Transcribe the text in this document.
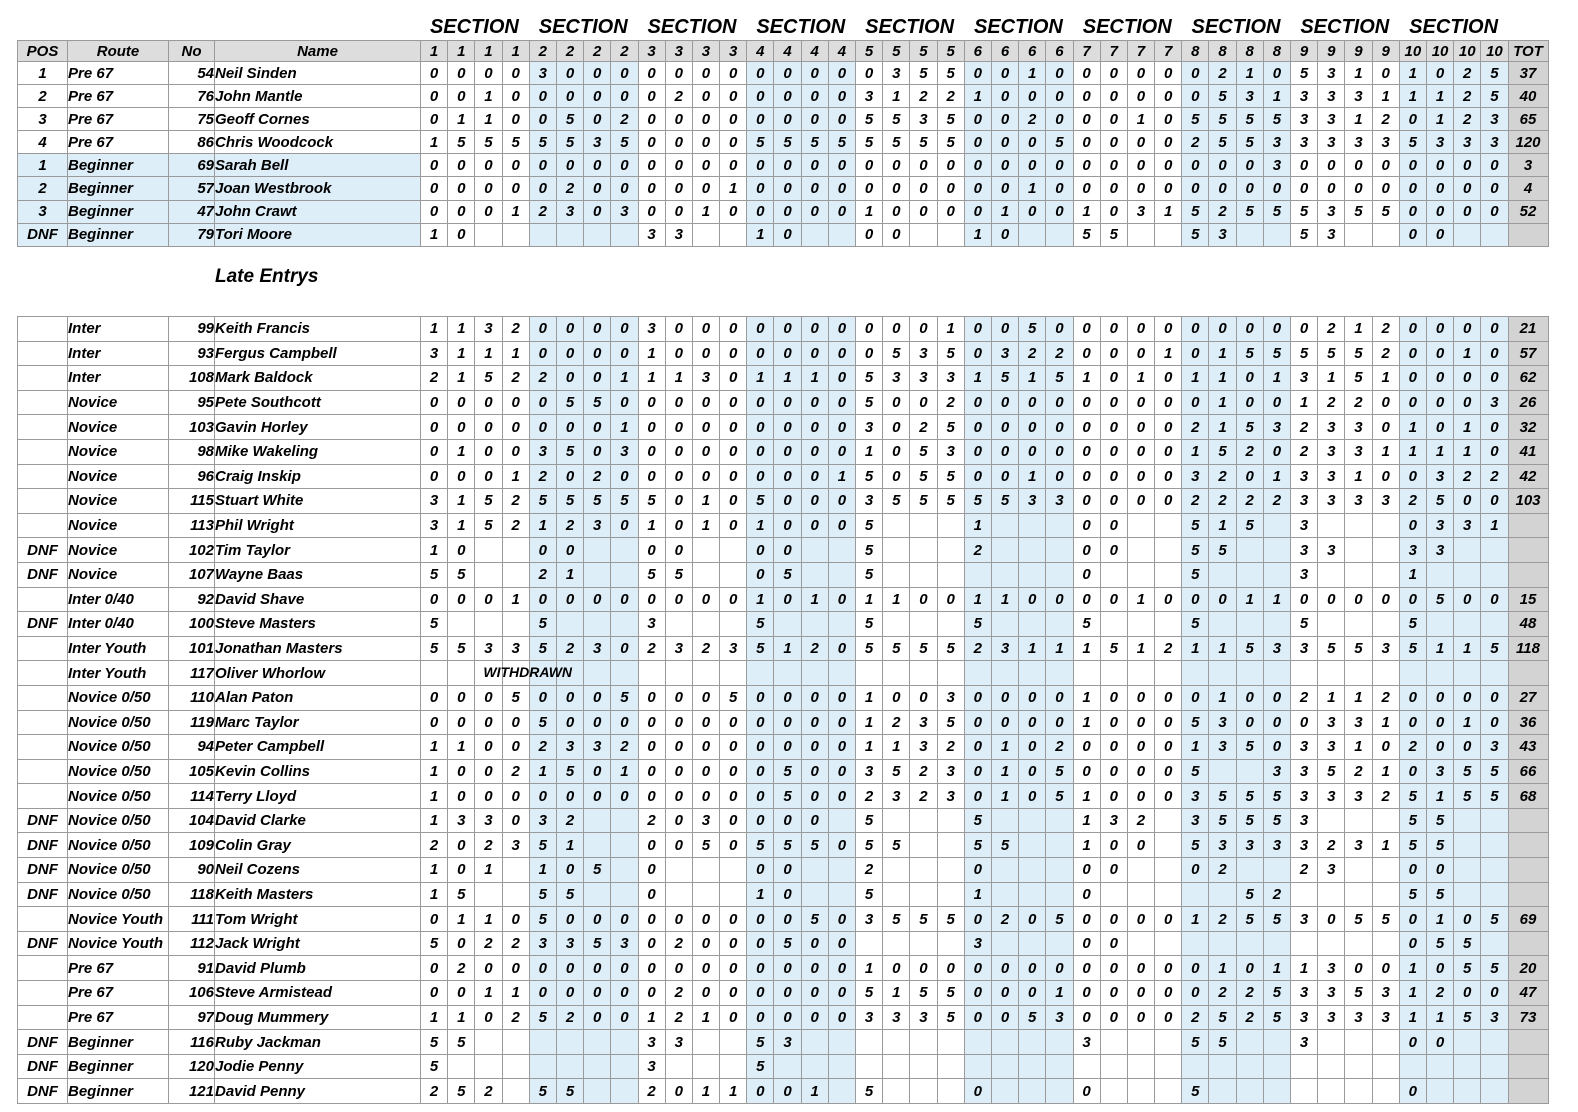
SECTION SECTION SECTION SECTION SECTION SECTION SECTION SECTION SECTION SECTION
POS	Route	No	Name	1	1	1	1	2	2	2	2	3	3	3	3	4	4	4	4	5	5	5	5	6	6	6	6	7	7	7	7	8	8	8	8	9	9	9	9	10	10	10	10	TOT
1	Pre 67	54	Neil Sinden	0	0	0	0	3	0	0	0	0	0	0	0	0	0	0	0	0	3	5	5	0	0	1	0	0	0	0	0	0	2	1	0	5	3	1	0	1	0	2	5	37
2	Pre 67	76	John Mantle	0	0	1	0	0	0	0	0	0	2	0	0	0	0	0	0	3	1	2	2	1	0	0	0	0	0	0	0	0	5	3	1	3	3	3	1	1	1	2	5	40
3	Pre 67	75	Geoff Cornes	0	1	1	0	0	5	0	2	0	0	0	0	0	0	0	0	5	5	3	5	0	0	2	0	0	0	1	0	5	5	5	5	3	3	1	2	0	1	2	3	65
4	Pre 67	86	Chris Woodcock	1	5	5	5	5	5	3	5	0	0	0	0	5	5	5	5	5	5	5	5	0	0	0	5	0	0	0	0	2	5	5	3	3	3	3	3	5	3	3	3	120
1	Beginner	69	Sarah Bell	0	0	0	0	0	0	0	0	0	0	0	0	0	0	0	0	0	0	0	0	0	0	0	0	0	0	0	0	0	0	0	3	0	0	0	0	0	0	0	0	3
2	Beginner	57	Joan Westbrook	0	0	0	0	0	2	0	0	0	0	0	1	0	0	0	0	0	0	0	0	0	0	1	0	0	0	0	0	0	0	0	0	0	0	0	0	0	0	0	0	4
3	Beginner	47	John Crawt	0	0	0	1	2	3	0	3	0	0	1	0	0	0	0	0	1	0	0	0	0	1	0	0	1	0	3	1	5	2	5	5	5	3	5	5	0	0	0	0	52
DNF	Beginner	79	Tori Moore	1	0							3	3			1	0			0	0			1	0			5	5			5	3			5	3			0	0			
Late Entrys
	Inter	99	Keith Francis	1	1	3	2	0	0	0	0	3	0	0	0	0	0	0	0	0	0	0	1	0	0	5	0	0	0	0	0	0	0	0	0	0	2	1	2	0	0	0	0	21
	Inter	93	Fergus Campbell	3	1	1	1	0	0	0	0	1	0	0	0	0	0	0	0	0	5	3	5	0	3	2	2	0	0	0	1	0	1	5	5	5	5	5	2	0	0	1	0	57
	Inter	108	Mark Baldock	2	1	5	2	2	0	0	1	1	1	3	0	1	1	1	0	5	3	3	3	1	5	1	5	1	0	1	0	1	1	0	1	3	1	5	1	0	0	0	0	62
	Novice	95	Pete Southcott	0	0	0	0	0	5	5	0	0	0	0	0	0	0	0	0	5	0	0	2	0	0	0	0	0	0	0	0	0	1	0	0	1	2	2	0	0	0	0	3	26
	Novice	103	Gavin Horley	0	0	0	0	0	0	0	1	0	0	0	0	0	0	0	0	3	0	2	5	0	0	0	0	0	0	0	0	2	1	5	3	2	3	3	0	1	0	1	0	32
	Novice	98	Mike Wakeling	0	1	0	0	3	5	0	3	0	0	0	0	0	0	0	0	1	0	5	3	0	0	0	0	0	0	0	0	1	5	2	0	2	3	3	1	1	1	1	0	41
	Novice	96	Craig Inskip	0	0	0	1	2	0	2	0	0	0	0	0	0	0	0	1	5	0	5	5	0	0	1	0	0	0	0	0	3	2	0	1	3	3	1	0	0	3	2	2	42
	Novice	115	Stuart White	3	1	5	2	5	5	5	5	5	0	1	0	5	0	0	0	3	5	5	5	5	5	3	3	0	0	0	0	2	2	2	2	3	3	3	3	2	5	0	0	103
	Novice	113	Phil Wright	3	1	5	2	1	2	3	0	1	0	1	0	1	0	0	0	5				1				0	0			5	1	5		3				0	3	3	1	
DNF	Novice	102	Tim Taylor	1	0			0	0			0	0			0	0			5				2				0	0			5	5			3	3			3	3			
DNF	Novice	107	Wayne Baas	5	5			2	1			5	5			0	5			5								0				5				3				1				
	Inter 0/40	92	David Shave	0	0	0	1	0	0	0	0	0	0	0	0	1	0	1	0	1	1	0	0	1	1	0	0	0	0	1	0	0	0	1	1	0	0	0	0	0	5	0	0	15
DNF	Inter 0/40	100	Steve Masters	5				5				3				5				5				5				5				5				5				5				48
	Inter Youth	101	Jonathan Masters	5	5	3	3	5	2	3	0	2	3	2	3	5	1	2	0	5	5	5	5	2	3	1	1	1	5	1	2	1	1	5	3	3	5	5	3	5	1	1	5	118
	Inter Youth	117	Oliver Whorlow			WITHDRAWN																																						

	Novice 0/50	110	Alan Paton	0	0	0	5	0	0	0	5	0	0	0	5	0	0	0	0	1	0	0	3	0	0	0	0	1	0	0	0	0	1	0	0	2	1	1	2	0	0	0	0	27
	Novice 0/50	119	Marc Taylor	0	0	0	0	5	0	0	0	0	0	0	0	0	0	0	0	1	2	3	5	0	0	0	0	1	0	0	0	5	3	0	0	0	3	3	1	0	0	1	0	36
	Novice 0/50	94	Peter Campbell	1	1	0	0	2	3	3	2	0	0	0	0	0	0	0	0	1	1	3	2	0	1	0	2	0	0	0	0	1	3	5	0	3	3	1	0	2	0	0	3	43
	Novice 0/50	105	Kevin Collins	1	0	0	2	1	5	0	1	0	0	0	0	0	5	0	0	3	5	2	3	0	1	0	5	0	0	0	0	5			3	3	5	2	1	0	3	5	5	66
	Novice 0/50	114	Terry Lloyd	1	0	0	0	0	0	0	0	0	0	0	0	0	5	0	0	2	3	2	3	0	1	0	5	1	0	0	0	3	5	5	5	3	3	3	2	5	1	5	5	68
DNF	Novice 0/50	104	David Clarke	1	3	3	0	3	2			2	0	3	0	0	0	0		5				5				1	3	2		3	5	5	5	3				5	5			
DNF	Novice 0/50	109	Colin Gray	2	0	2	3	5	1			0	0	5	0	5	5	5	0	5	5			5	5			1	0	0		5	3	3	3	3	2	3	1	5	5			
DNF	Novice 0/50	90	Neil Cozens	1	0	1		1	0	5		0				0	0			2				0				0	0			0	2			2	3			0	0			
DNF	Novice 0/50	118	Keith Masters	1	5			5	5			0				1	0			5				1				0						5	2					5	5			
	Novice Youth	111	Tom Wright	0	1	1	0	5	0	0	0	0	0	0	0	0	0	5	0	3	5	5	5	0	2	0	5	0	0	0	0	1	2	5	5	3	0	5	5	0	1	0	5	69
DNF	Novice Youth	112	Jack Wright	5	0	2	2	3	3	5	3	0	2	0	0	0	5	0	0					3				0	0											0	5	5		
	Pre 67	91	David Plumb	0	2	0	0	0	0	0	0	0	0	0	0	0	0	0	0	1	0	0	0	0	0	0	0	0	0	0	0	0	1	0	1	1	3	0	0	1	0	5	5	20
	Pre 67	106	Steve Armistead	0	0	1	1	0	0	0	0	0	2	0	0	0	0	0	0	5	1	5	5	0	0	0	1	0	0	0	0	0	2	2	5	3	3	5	3	1	2	0	0	47
	Pre 67	97	Doug Mummery	1	1	0	2	5	2	0	0	1	2	1	0	0	0	0	0	3	3	3	5	0	0	5	3	0	0	0	0	2	5	2	5	3	3	3	3	1	1	5	3	73
DNF	Beginner	116	Ruby Jackman	5	5							3	3			5	3											3				5	5			3				0	0			
DNF	Beginner	120	Jodie Penny	5								3				5																												
DNF	Beginner	121	David Penny	2	5	2		5	5			2	0	1	1	0	0	1		5				0				0				5								0				
